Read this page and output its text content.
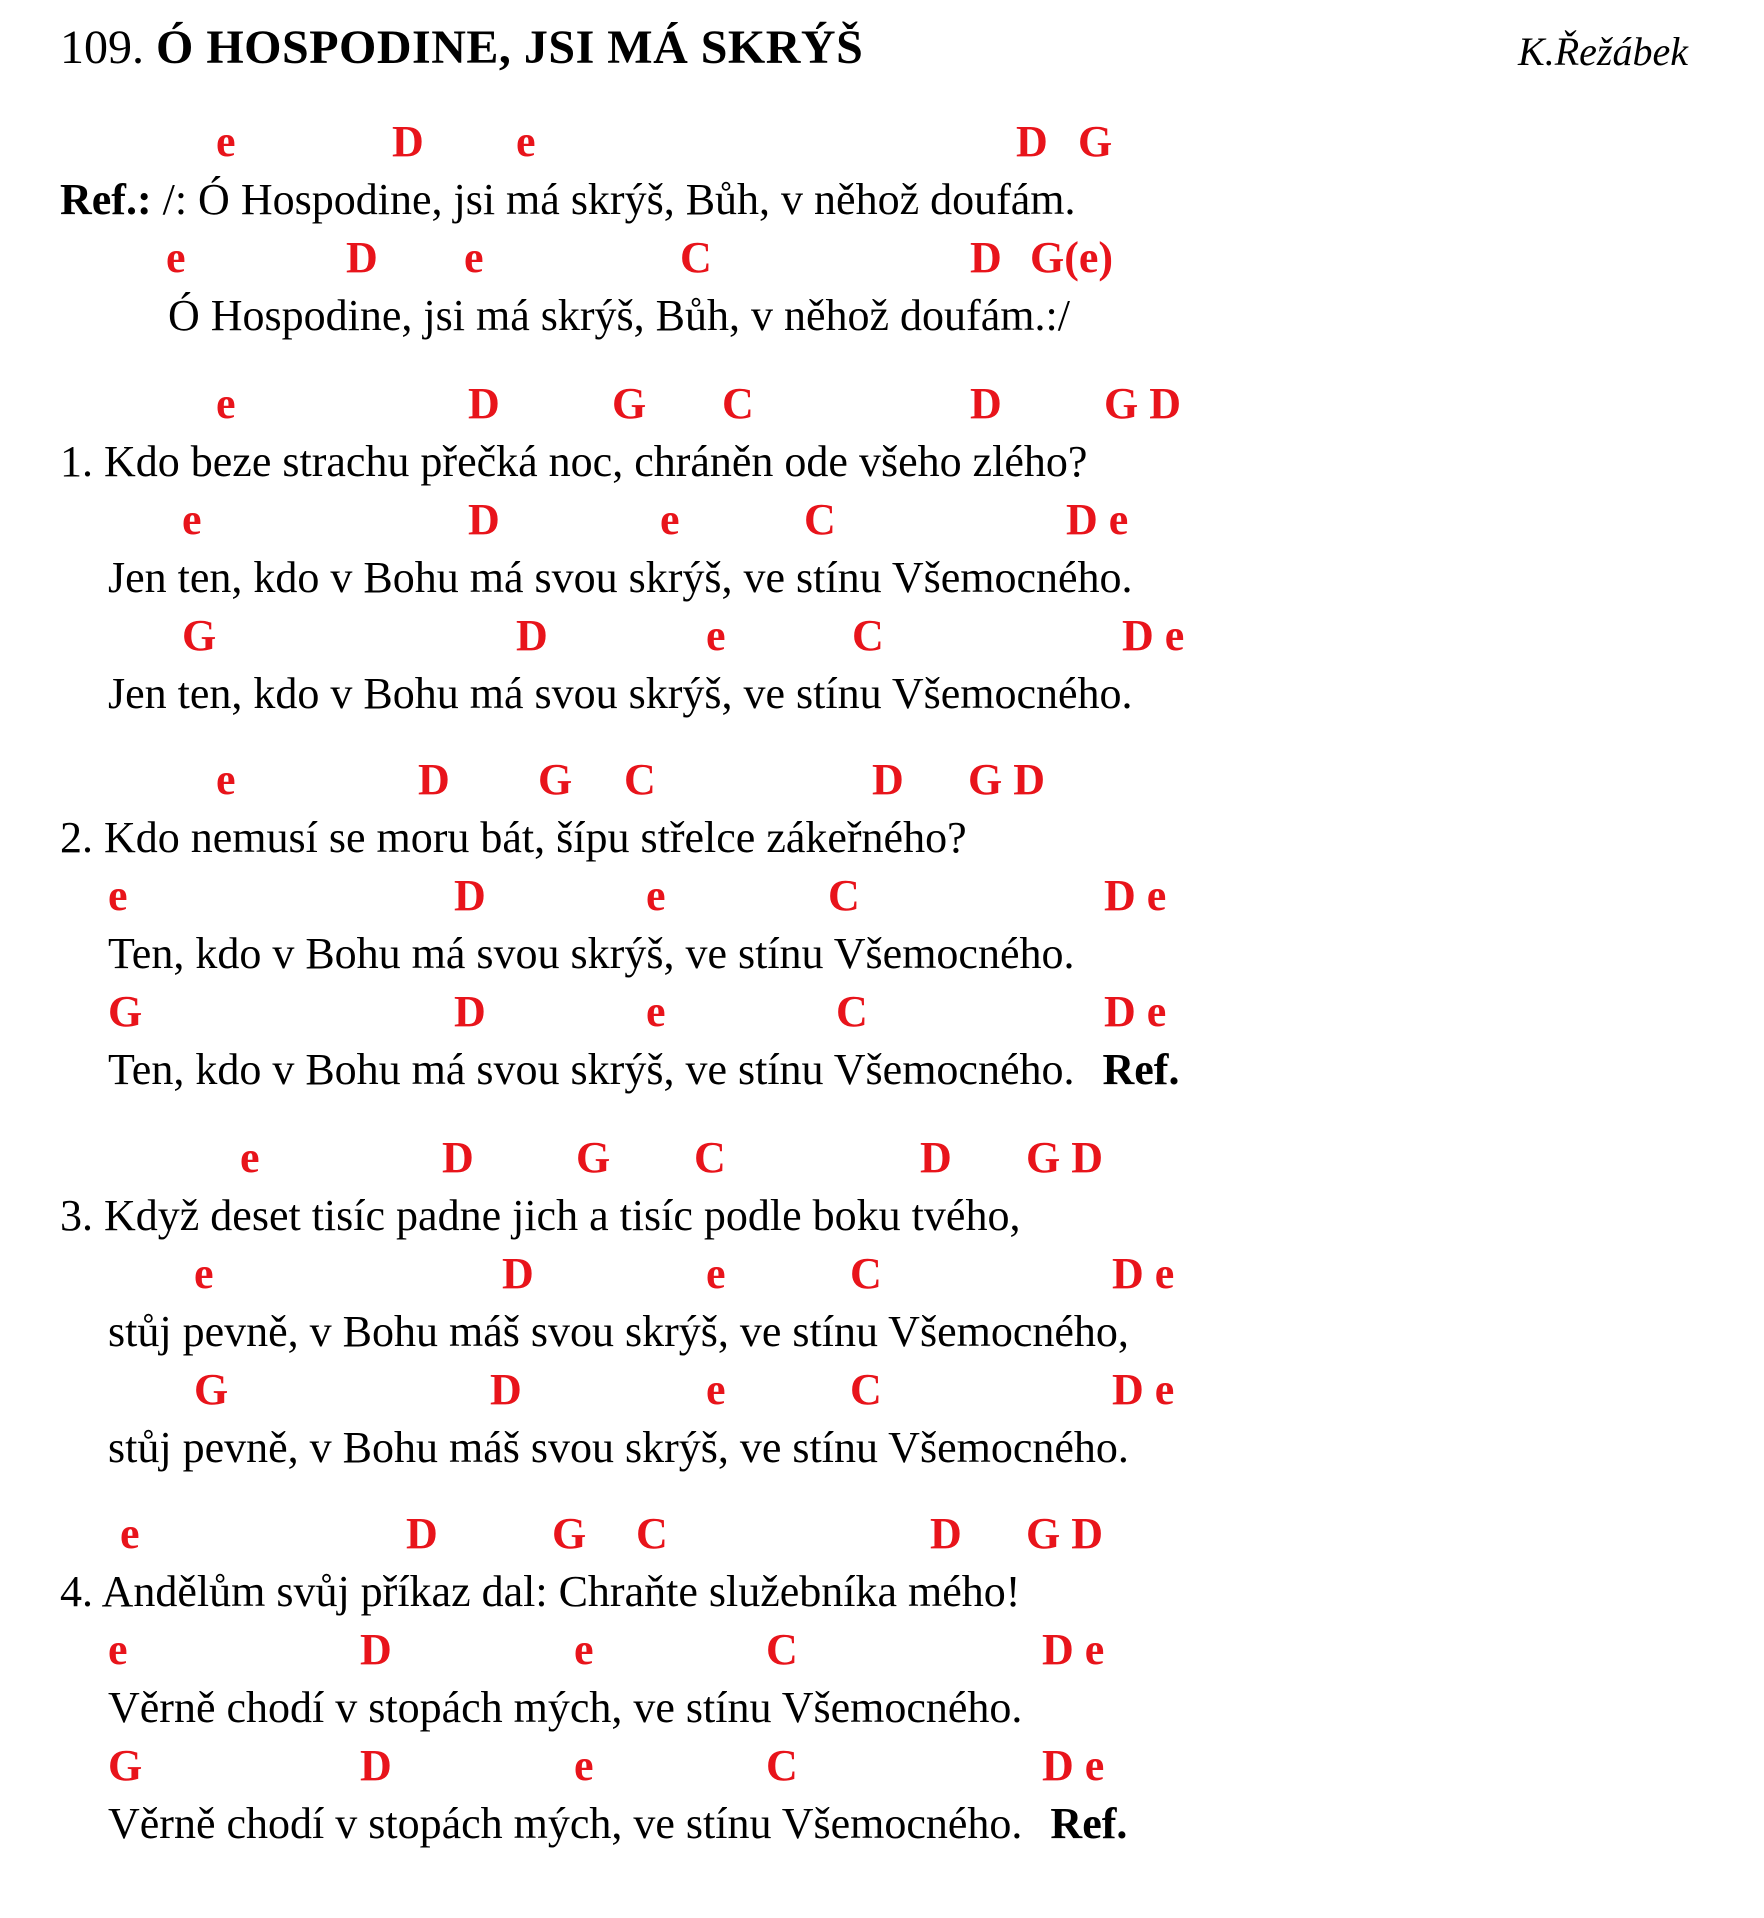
109. Ó HOSPODINE, JSI MÁ SKRÝŠ	K.Řežábek
e	D e	D G
Ref.: /: Ó Hospodine, jsi má skrýš, Bůh, v něhož doufám.
e	D e	C	D G(e)
Ó Hospodine, jsi má skrýš, Bůh, v něhož doufám.:/
e	D	G C	D G D
1. Kdo beze strachu přečká noc, chráněn ode všeho zlého?
e	D	e	C	D e
Jen ten, kdo v Bohu má svou skrýš, ve stínu Všemocného.
G	D	e	C	D e
Jen ten, kdo v Bohu má svou skrýš, ve stínu Všemocného.
e	D G C	D G D
2. Kdo nemusí se moru bát, šípu střelce zákeřného?
e	D	e	C	D e
Ten, kdo v Bohu má svou skrýš, ve stínu Všemocného.
G	D	e	C	D e
Ten, kdo v Bohu má svou skrýš, ve stínu Všemocného. Ref.
e	D G C	D G D
3. Když deset tisíc padne jich a tisíc podle boku tvého,
e	D	e	C	D e
stůj pevně, v Bohu máš svou skrýš, ve stínu Všemocného,
G	D	e	C	D e
stůj pevně, v Bohu máš svou skrýš, ve stínu Všemocného.
e	D	G C	D G D
4. Andělům svůj příkaz dal: Chraňte služebníka mého!
e	D	e	C	D e
Věrně chodí v stopách mých, ve stínu Všemocného.
G	D	e	C	D e
Věrně chodí v stopách mých, ve stínu Všemocného. Ref.
